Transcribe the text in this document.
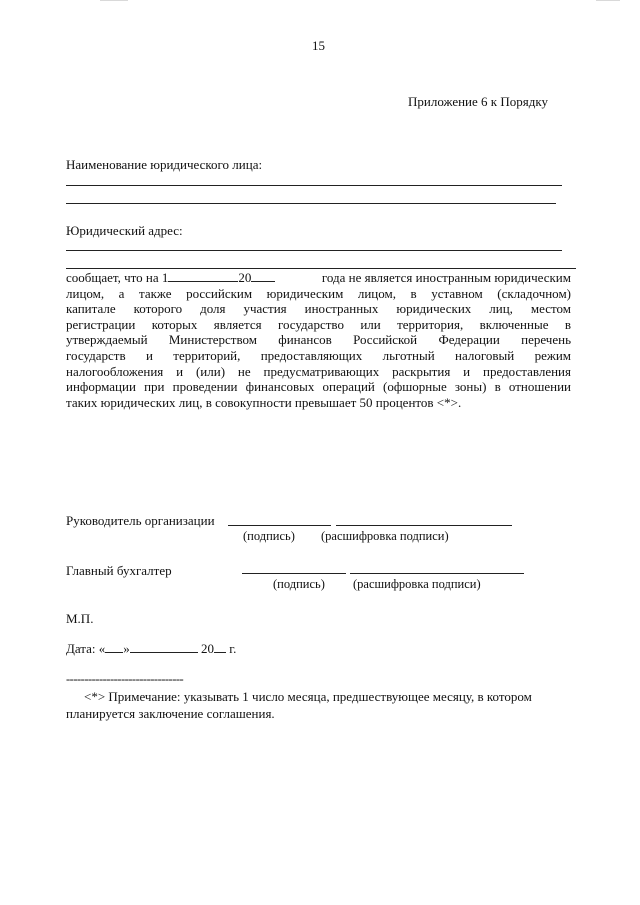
15
Приложение 6 к Порядку
Наименование юридического лица:
Юридический адрес:
сообщает, что на 1	20	года не является иностранным юридическим
лицом, а также российским юридическим лицом, в уставном (складочном)
капитале которого доля участия иностранных юридических лиц, местом
регистрации которых является государство или территория, включенные в
утверждаемый Министерством финансов Российской Федерации перечень
государств и территорий, предоставляющих льготный налоговый режим
налогообложения и (или) не предусматривающих раскрытия и предоставления
информации при проведении финансовых операций (офшорные зоны) в отношении
таких юридических лиц, в совокупности превышает 50 процентов <*>.
Руководитель организации
(подпись) (расшифровка подписи)
Главный бухгалтер
(подпись) (расшифровка подписи)
М.П.
Дата: « »	20 г.
--------------------------------
<*> Примечание: указывать 1 число месяца, предшествующее месяцу, в котором
планируется заключение соглашения.
